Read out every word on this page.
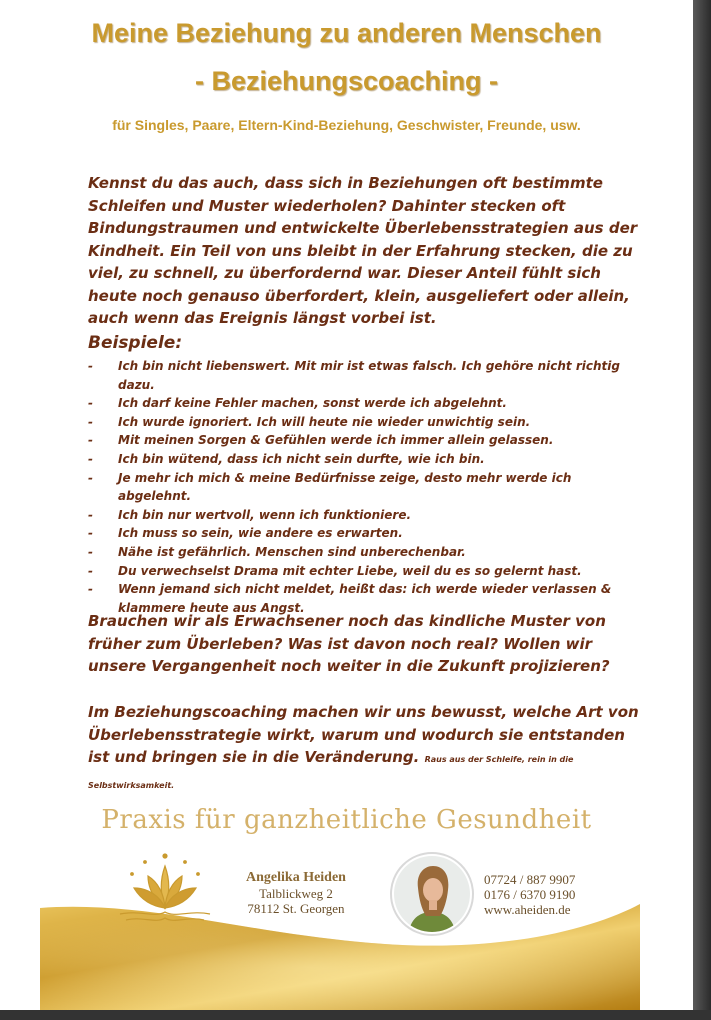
Meine Beziehung zu anderen Menschen
- Beziehungscoaching -
für Singles, Paare, Eltern-Kind-Beziehung, Geschwister, Freunde, usw.
Kennst du das auch, dass sich in Beziehungen oft bestimmte Schleifen und Muster wiederholen? Dahinter stecken oft Bindungstraumen und entwickelte Überlebensstrategien aus der Kindheit. Ein Teil von uns bleibt in der Erfahrung stecken, die zu viel, zu schnell, zu überfordernd war. Dieser Anteil fühlt sich heute noch genauso überfordert, klein, ausgeliefert oder allein, auch wenn das Ereignis längst vorbei ist.
Beispiele:
- Ich bin nicht liebenswert. Mit mir ist etwas falsch. Ich gehöre nicht richtig dazu.
- Ich darf keine Fehler machen, sonst werde ich abgelehnt.
- Ich wurde ignoriert. Ich will heute nie wieder unwichtig sein.
- Mit meinen Sorgen & Gefühlen werde ich immer allein gelassen.
- Ich bin wütend, dass ich nicht sein durfte, wie ich bin.
- Je mehr ich mich & meine Bedürfnisse zeige, desto mehr werde ich abgelehnt.
- Ich bin nur wertvoll, wenn ich funktioniere.
- Ich muss so sein, wie andere es erwarten.
- Nähe ist gefährlich. Menschen sind unberechenbar.
- Du verwechselst Drama mit echter Liebe, weil du es so gelernt hast.
- Wenn jemand sich nicht meldet, heißt das: ich werde wieder verlassen & klammere heute aus Angst.
Brauchen wir als Erwachsener noch das kindliche Muster von früher zum Überleben? Was ist davon noch real? Wollen wir unsere Vergangenheit noch weiter in die Zukunft projizieren?
Im Beziehungscoaching machen wir uns bewusst, welche Art von Überlebensstrategie wirkt, warum und wodurch sie entstanden ist und bringen sie in die Veränderung. Raus aus der Schleife, rein in die Selbstwirksamkeit.
Praxis für ganzheitliche Gesundheit
Angelika Heiden
Talblickweg 2
78112 St. Georgen
07724 / 887 9907
0176 / 6370 9190
www.aheiden.de
